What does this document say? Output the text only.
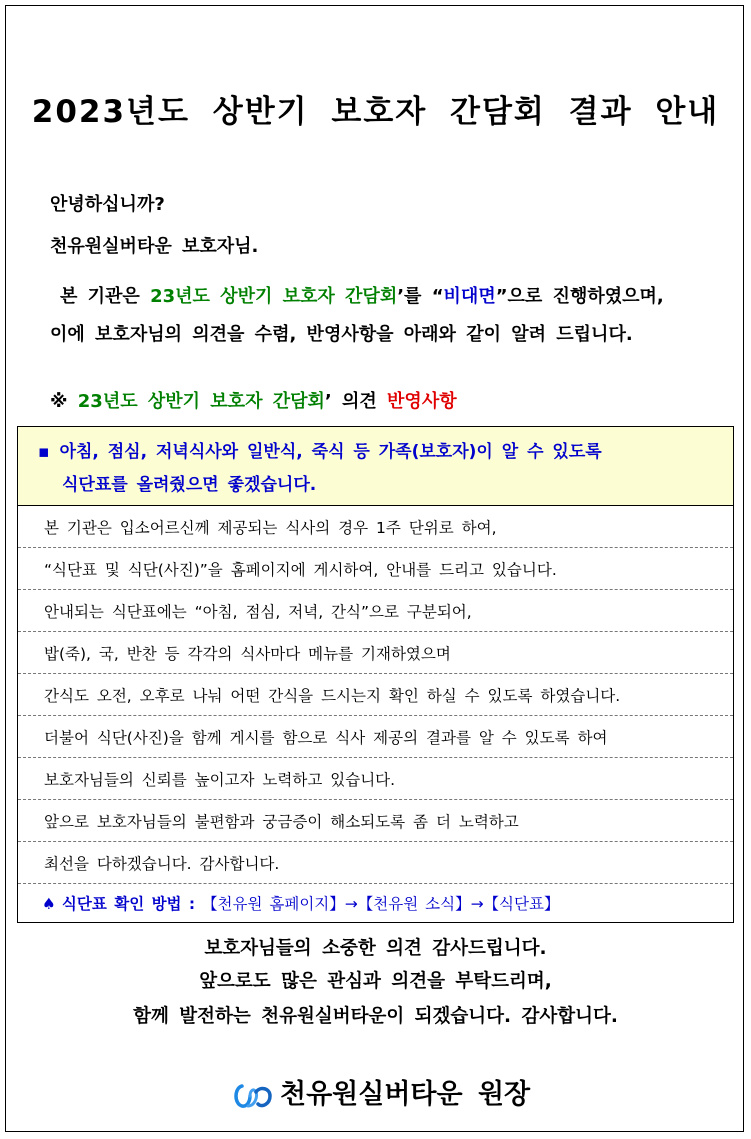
2023년도 상반기 보호자 간담회 결과 안내
안녕하십니까?
천유원실버타운 보호자님.
본 기관은 23년도 상반기 보호자 간담회’를 “비대면”으로 진행하였으며,
이에 보호자님의 의견을 수렴, 반영사항을 아래와 같이 알려 드립니다.
※ 23년도 상반기 보호자 간담회’ 의견 반영사항
▪ 아침, 점심, 저녁식사와 일반식, 죽식 등 가족(보호자)이 알 수 있도록
식단표를 올려줬으면 좋겠습니다.
본 기관은 입소어르신께 제공되는 식사의 경우 1주 단위로 하여,
“식단표 및 식단(사진)”을 홈페이지에 게시하여, 안내를 드리고 있습니다.
안내되는 식단표에는 “아침, 점심, 저녁, 간식”으로 구분되어,
밥(죽), 국, 반찬 등 각각의 식사마다 메뉴를 기재하였으며
간식도 오전, 오후로 나눠 어떤 간식을 드시는지 확인 하실 수 있도록 하였습니다.
더불어 식단(사진)을 함께 게시를 함으로 식사 제공의 결과를 알 수 있도록 하여
보호자님들의 신뢰를 높이고자 노력하고 있습니다.
앞으로 보호자님들의 불편함과 궁금증이 해소되도록 좀 더 노력하고
최선을 다하겠습니다. 감사합니다.
♠ 식단표 확인 방법 : 【천유원 홈페이지】→【천유원 소식】→【식단표】
보호자님들의 소중한 의견 감사드립니다.
앞으로도 많은 관심과 의견을 부탁드리며,
함께 발전하는 천유원실버타운이 되겠습니다. 감사합니다.
천유원실버타운 원장
